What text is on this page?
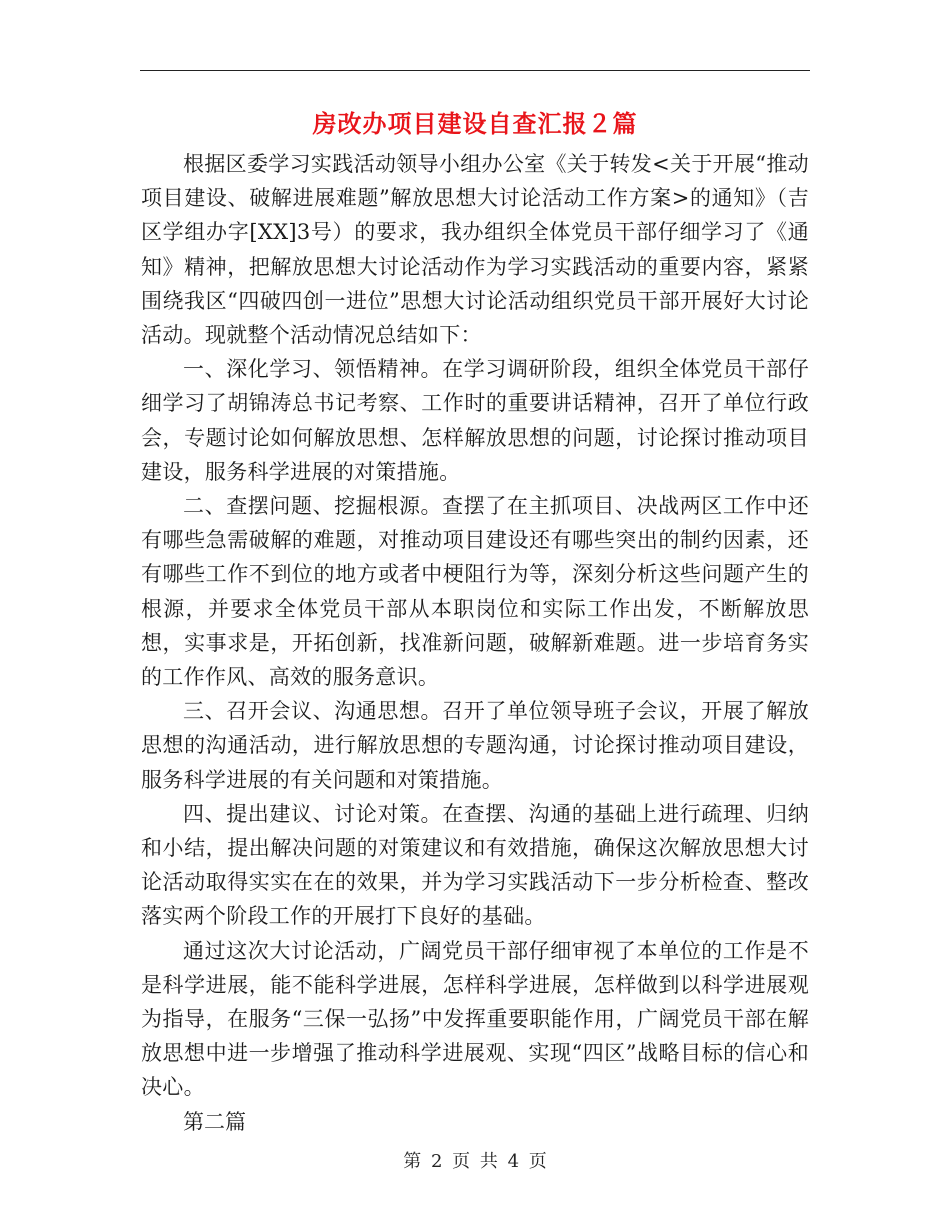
房改办项目建设自查汇报２篇

根据区委学习实践活动领导小组办公室《关于转发<关于开展“推动项目建设、破解进展难题”解放思想大讨论活动工作方案>的通知》（吉区学组办字[XX]3号）的要求，我办组织全体党员干部仔细学习了《通知》精神，把解放思想大讨论活动作为学习实践活动的重要内容，紧紧围绕我区“四破四创一进位”思想大讨论活动组织党员干部开展好大讨论活动。现就整个活动情况总结如下：

一、深化学习、领悟精神。在学习调研阶段，组织全体党员干部仔细学习了胡锦涛总书记考察、工作时的重要讲话精神，召开了单位行政会，专题讨论如何解放思想、怎样解放思想的问题，讨论探讨推动项目建设，服务科学进展的对策措施。

二、查摆问题、挖掘根源。查摆了在主抓项目、决战两区工作中还有哪些急需破解的难题，对推动项目建设还有哪些突出的制约因素，还有哪些工作不到位的地方或者中梗阻行为等，深刻分析这些问题产生的根源，并要求全体党员干部从本职岗位和实际工作出发，不断解放思想，实事求是，开拓创新，找准新问题，破解新难题。进一步培育务实的工作作风、高效的服务意识。

三、召开会议、沟通思想。召开了单位领导班子会议，开展了解放思想的沟通活动，进行解放思想的专题沟通，讨论探讨推动项目建设，服务科学进展的有关问题和对策措施。

四、提出建议、讨论对策。在查摆、沟通的基础上进行疏理、归纳和小结，提出解决问题的对策建议和有效措施，确保这次解放思想大讨论活动取得实实在在的效果，并为学习实践活动下一步分析检查、整改落实两个阶段工作的开展打下良好的基础。

通过这次大讨论活动，广阔党员干部仔细审视了本单位的工作是不是科学进展，能不能科学进展，怎样科学进展，怎样做到以科学进展观为指导，在服务“三保一弘扬”中发挥重要职能作用，广阔党员干部在解放思想中进一步增强了推动科学进展观、实现“四区”战略目标的信心和决心。

第二篇

第 2 页 共 4 页
